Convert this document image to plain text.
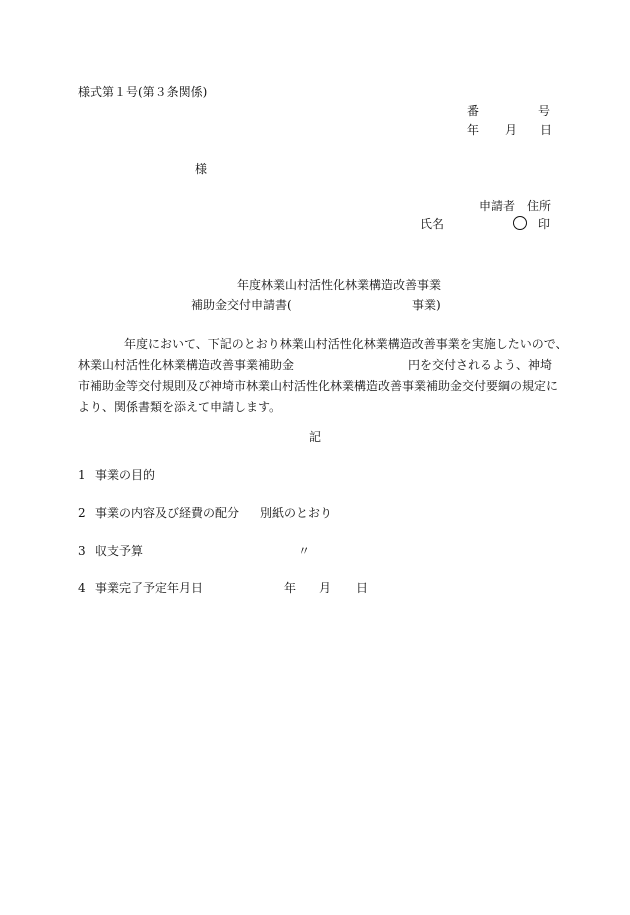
様式第１号(第３条関係)
番	号
年 月 日
様
申請者 住所
氏名	印
年度林業山村活性化林業構造改善事業
補助金交付申請書(	事業)
年度において、下記のとおり林業山村活性化林業構造改善事業を実施したいので、
林業山村活性化林業構造改善事業補助金	円を交付されるよう、神埼
市補助金等交付規則及び神埼市林業山村活性化林業構造改善事業補助金交付要綱の規定に
より、関係書類を添えて申請します。
記
1 事業の目的
2 事業の内容及び経費の配分 別紙のとおり
3 収支予算	〃
4 事業完了予定年月日	年 月 日
